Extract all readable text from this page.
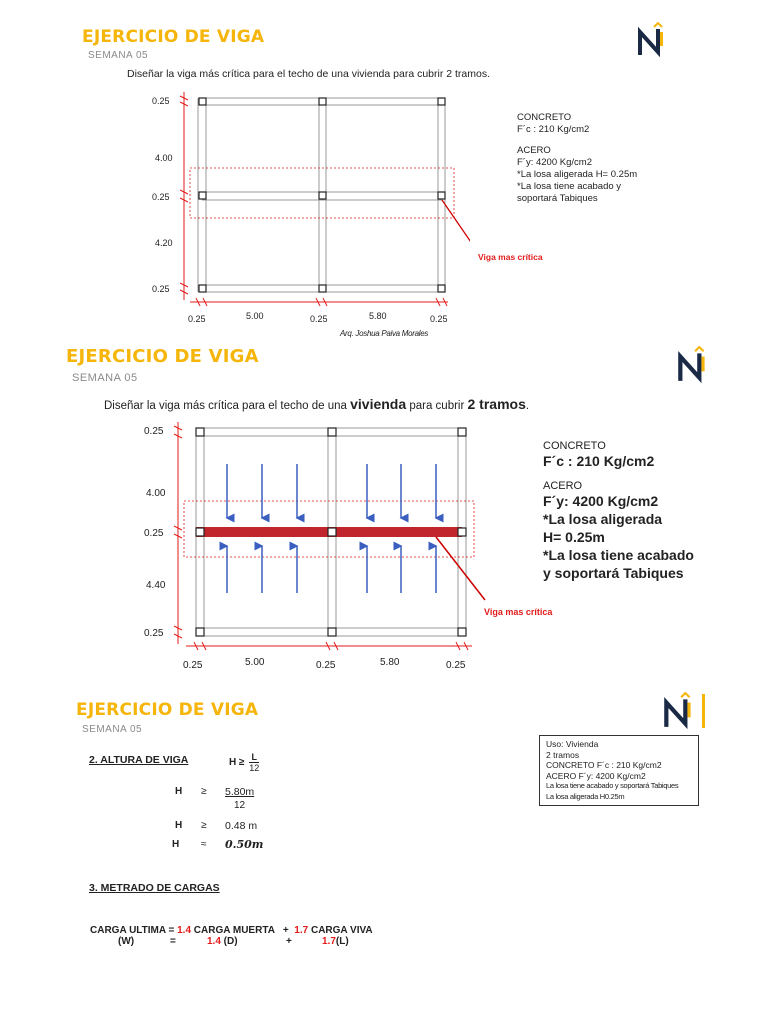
EJERCICIO DE VIGA
SEMANA 05
Diseñar la viga más crítica para el techo de una vivienda para cubrir 2 tramos.
0.25
4.00
0.25
4.20
0.25
0.25	5.00	0.25	5.80	0.25
Arq. Joshua Paiva Morales
Viga mas crítica
CONCRETO
F´c : 210 Kg/cm2
ACERO
F´y: 4200 Kg/cm2
*La losa aligerada H= 0.25m
*La losa tiene acabado y
soportará Tabiques
EJERCICIO DE VIGA
SEMANA 05
Diseñar la viga más crítica para el techo de una vivienda para cubrir 2 tramos.
0.25
4.00
0.25
4.40
0.25
0.25	5.00	0.25	5.80	0.25
Viga mas crítica
CONCRETO
F´c : 210 Kg/cm2
ACERO
F´y: 4200 Kg/cm2
*La losa aligerada
H= 0.25m
*La losa tiene acabado
y soportará Tabiques
EJERCICIO DE VIGA
SEMANA 05
Uso: Vivienda
2 tramos
CONCRETO F´c : 210 Kg/cm2
ACERO F´y: 4200 Kg/cm2
La losa tiene acabado y soportará Tabiques
La losa aligerada H0.25m
2. ALTURA DE VIGA	$H \ge \frac{L}{12}$
H ≥ 5.80m
12
H ≥ 0.48 m
H ≈ 0.50m
3. METRADO DE CARGAS
CARGA ULTIMA = 1.4 CARGA MUERTA   +  1.7 CARGA VIVA
(W)	=	1.4 (D)	+	1.7(L)
